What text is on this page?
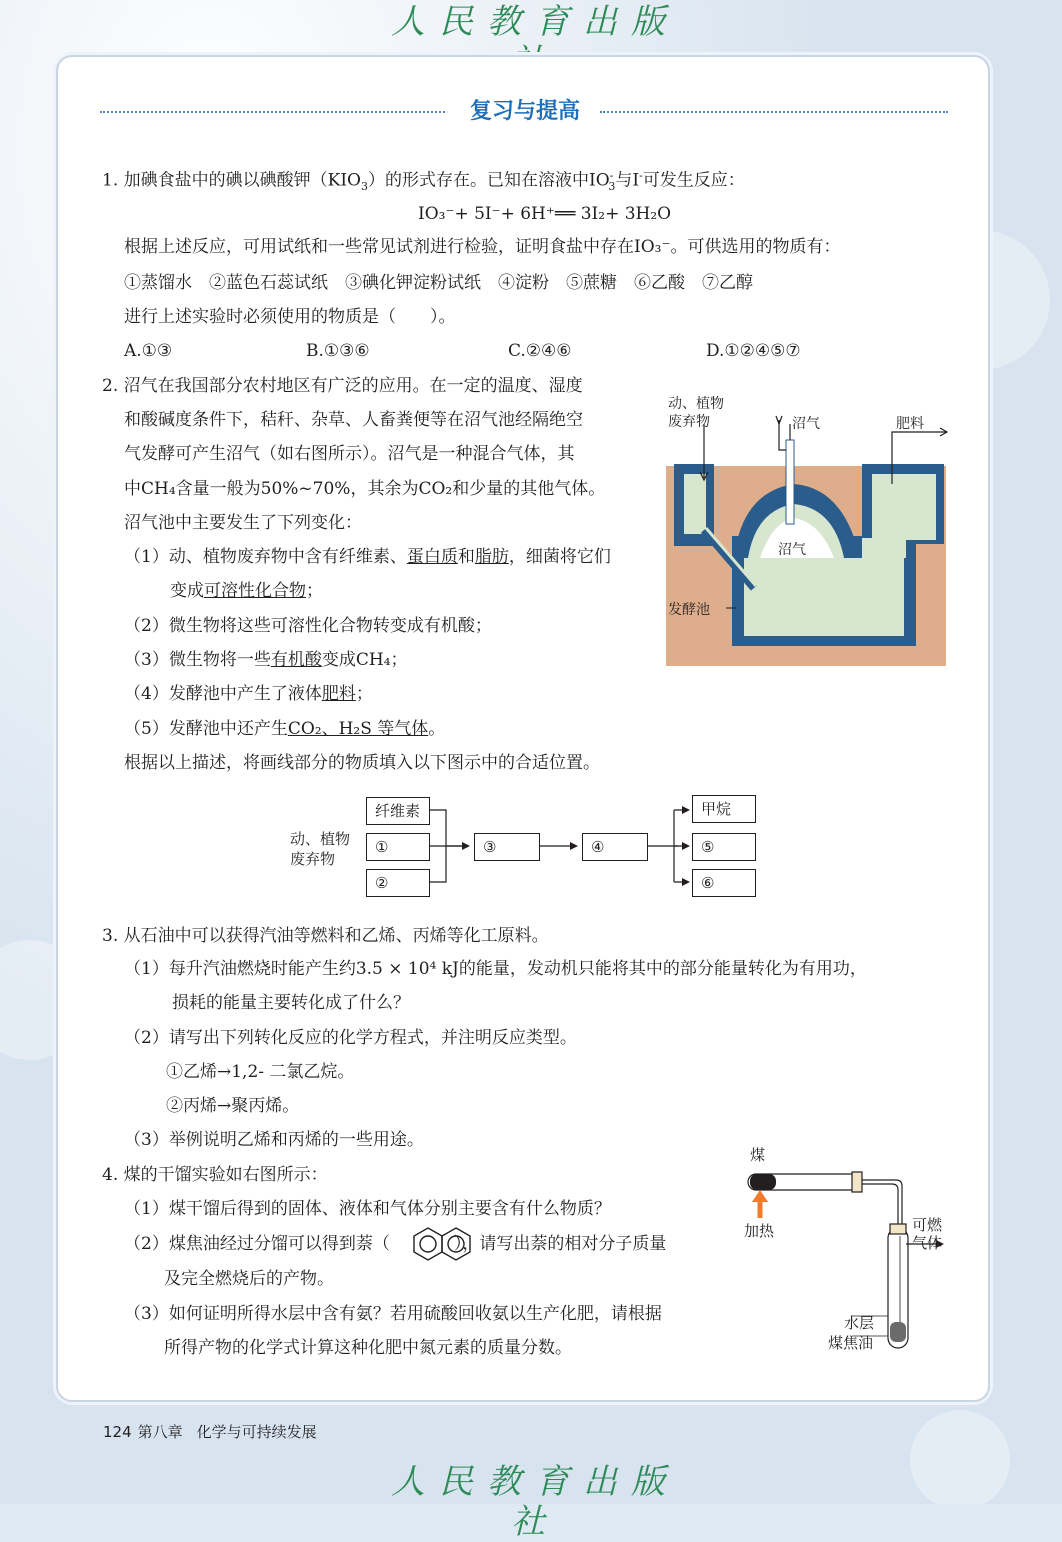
人民教育出版
复习与提高
1. 加碘食盐中的碘以碘酸钾$(KIO_3)$的形式存在。已知在溶液中$IO^-_3$与I-可发生反应：
IO₃⁻+ 5I⁻+ 6H⁺══ 3I₂+ 3H₂O
根据上述反应，可用试纸和一些常见试剂进行检验，证明食盐中存在IO₃⁻。可供选用的物质有：
①蒸馏水　②蓝色石蕊试纸　③碘化钾淀粉试纸　④淀粉　⑤蔗糖　⑥乙酸　⑦乙醇
进行上述实验时必须使用的物质是（　　）。
A.①③	B.①③⑥	C.②④⑥	D.①②④⑤⑦
2. 沼气在我国部分农村地区有广泛的应用。在一定的温度、湿度
和酸碱度条件下，秸秆、杂草、人畜粪便等在沼气池经隔绝空
气发酵可产生沼气（如右图所示）。沼气是一种混合气体，其
中CH₄含量一般为50%~70%，其余为CO₂和少量的其他气体。
沼气池中主要发生了下列变化：
（1）动、植物废弃物中含有纤维素、蛋白质和脂肪，细菌将它们
变成可溶性化合物；
（2）微生物将这些可溶性化合物转变成有机酸；
（3）微生物将一些有机酸变成CH₄；
（4）发酵池中产生了液体肥料；
（5）发酵池中还产生CO₂、H₂S 等气体。
根据以上描述，将画线部分的物质填入以下图示中的合适位置。
动、植物
废弃物	沼气	肥料
沼气
发酵池
动、植物
废弃物
纤维素
①
②
③	④
甲烷
⑤
⑥
3. 从石油中可以获得汽油等燃料和乙烯、丙烯等化工原料。
（1）每升汽油燃烧时能产生约3.5 × 10⁴ kJ的能量，发动机只能将其中的部分能量转化为有用功，
损耗的能量主要转化成了什么？
（2）请写出下列转化反应的化学方程式，并注明反应类型。
①乙烯→1,2- 二氯乙烷。
②丙烯→聚丙烯。
（3）举例说明乙烯和丙烯的一些用途。
4. 煤的干馏实验如右图所示：
（1）煤干馏后得到的固体、液体和气体分别主要含有什么物质？
（2）煤焦油经过分馏可以得到萘（	），请写出萘的相对分子质量
及完全燃烧后的产物。
（3）如何证明所得水层中含有氨？若用硫酸回收氨以生产化肥，请根据
所得产物的化学式计算这种化肥中氮元素的质量分数。
煤
加热	可燃
气体
水层
煤焦油
124 第八章 化学与可持续发展
人民教育出版社
